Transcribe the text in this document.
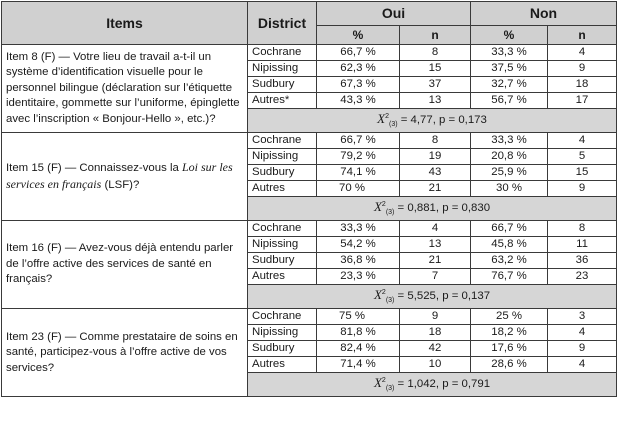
Items	District	Oui		Non	
		%	n	%	n
Item 8 (F) — Votre lieu de travail a-t-il un système d’identification visuelle pour le personnel bilingue (déclaration sur l’étiquette identitaire, gommette sur l’uniforme, épinglette avec l’inscription « Bonjour-Hello », etc.)?	Cochrane	66,7 %	8	33,3 %	4
	Nipissing	62,3 %	15	37,5 %	9
	Sudbury	67,3 %	37	32,7 %	18
	Autres*	43,3 %	13	56,7 %	17
	$X^2_{(3)} = 4,77$, p = 0,173				
Item 15 (F) — Connaissez-vous la Loi sur les services en français (LSF)?	Cochrane	66,7 %	8	33,3 %	4
	Nipissing	79,2 %	19	20,8 %	5
	Sudbury	74,1 %	43	25,9 %	15
	Autres	70 %	21	30 %	9
	$X^2_{(3)} = 0,881$, p = 0,830				
Item 16 (F) — Avez-vous déjà entendu parler de l’offre active des services de santé en français?	Cochrane	33,3 %	4	66,7 %	8
	Nipissing	54,2 %	13	45,8 %	11
	Sudbury	36,8 %	21	63,2 %	36
	Autres	23,3 %	7	76,7 %	23
	$X^2_{(3)} = 5,525$, p = 0,137				
Item 23 (F) — Comme prestataire de soins en santé, participez-vous à l’offre active de vos services?	Cochrane	75 %	9	25 %	3
	Nipissing	81,8 %	18	18,2 %	4
	Sudbury	82,4 %	42	17,6 %	9
	Autres	71,4 %	10	28,6 %	4
	$X^2_{(3)} = 1,042$, p = 0,791				
